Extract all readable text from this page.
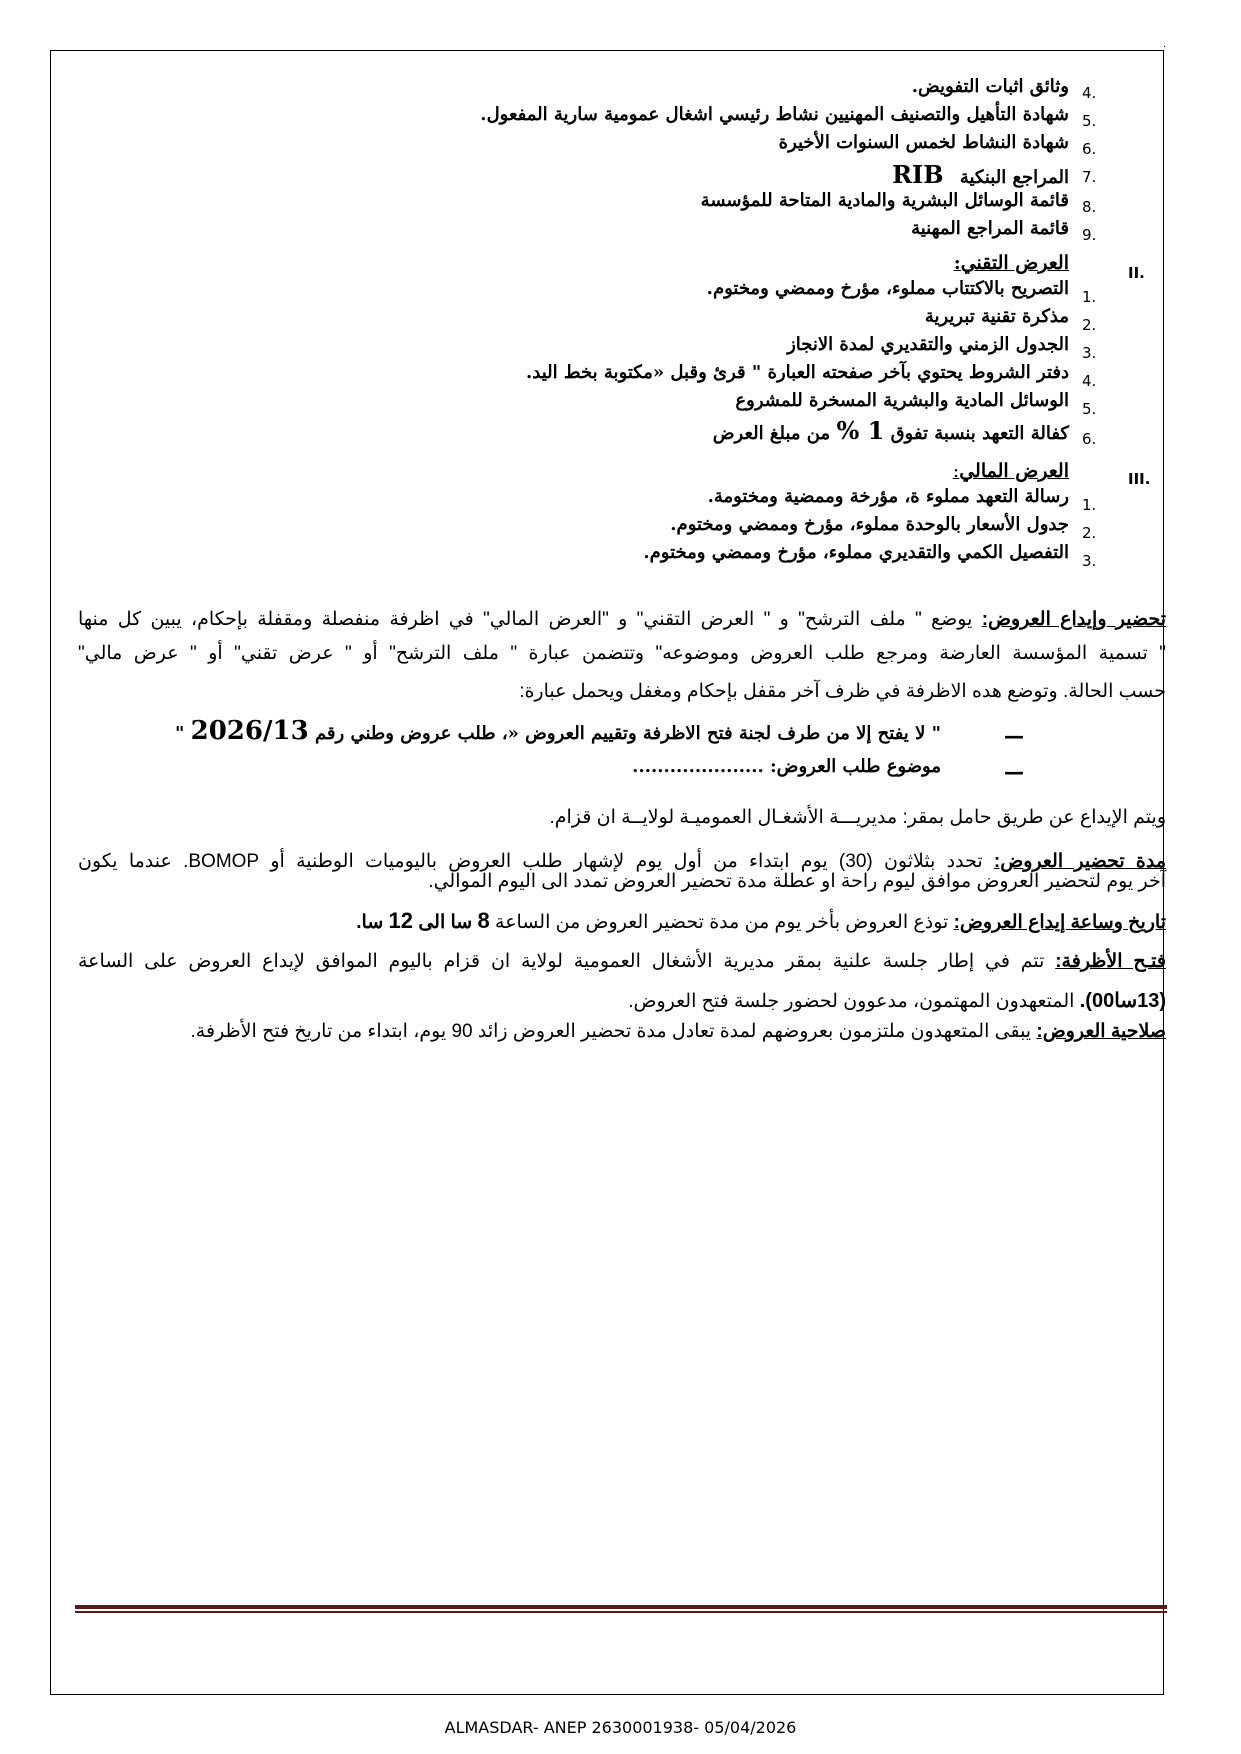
·
4.
وثائق اثبات التفويض.
5.
شهادة التأهيل والتصنيف المهنيين نشاط رئيسي اشغال عمومية سارية المفعول.
6.
شهادة النشاط لخمس السنوات الأخيرة
7.
المراجع البنكية RIB
8.
قائمة الوسائل البشرية والمادية المتاحة للمؤسسة
9.
قائمة المراجع المهنية
II.
العرض التقني:
1.
التصريح بالاكتتاب مملوء، مؤرخ وممضي ومختوم.
2.
مذكرة تقنية تبريرية
3.
الجدول الزمني والتقديري لمدة الانجاز
4.
دفتر الشروط يحتوي بآخر صفحته العبارة " قرئ وقبل «مكتوبة بخط اليد.
5.
الوسائل المادية والبشرية المسخرة للمشروع
6.
كفالة التعهد بنسبة تفوق 1 % من مبلغ العرض
III.
العرض المالي:
1.
رسالة التعهد مملوء ة، مؤرخة وممضية ومختومة.
2.
جدول الأسعار بالوحدة مملوء، مؤرخ وممضي ومختوم.
3.
التفصيل الكمي والتقديري مملوء، مؤرخ وممضي ومختوم.
تحضير وإيداع العروض: يوضع " ملف الترشح" و " العرض التقني" و "العرض المالي" في اظرفة منفصلة ومقفلة بإحكام، يبين كل منها
" تسمية المؤسسة العارضة ومرجع طلب العروض وموضوعه" وتتضمن عبارة " ملف الترشح" أو " عرض تقني" أو " عرض مالي"
حسب الحالة. وتوضع هده الاظرفة في ظرف آخر مقفل بإحكام ومغفل ويحمل عبارة:
—
" لا يفتح إلا من طرف لجنة فتح الاظرفة وتقييم العروض «، طلب عروض وطني رقم 2026/13 "
—
موضوع طلب العروض: .....................
ويتم الإيداع عن طريق حامل بمقر: مديريـــة الأشغـال العموميـة لولايــة ان قزام.
مدة تحضير العروض: تحدد بثلاثون (30) يوم ابتداء من أول يوم لإشهار طلب العروض باليوميات الوطنية أو BOMOP. عندما يكون
آخر يوم لتحضير العروض موافق ليوم راحة او عطلة مدة تحضير العروض تمدد الى اليوم الموالي.
تاريخ وساعة إيداع العروض: توذع العروض بأخر يوم من مدة تحضير العروض من الساعة 8 سا الى 12 سا.
فتـح الأظرفة: تتم في إطار جلسة علنية بمقر مديرية الأشغال العمومية لولاية ان قزام باليوم الموافق لإيداع العروض على الساعة
(13سا00). المتعهدون المهتمون، مدعوون لحضور جلسة فتح العروض.
صلاحية العروض: يبقى المتعهدون ملتزمون بعروضهم لمدة تعادل مدة تحضير العروض زائد 90 يوم، ابتداء من تاريخ فتح الأظرفة.
ALMASDAR- ANEP 2630001938- 05/04/2026
